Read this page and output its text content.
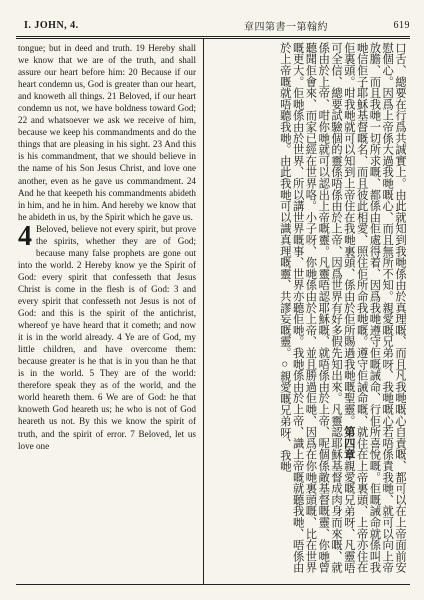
I. JOHN, 4.	章四第書一第翰約	619

tongue; but in deed and truth. 19 Hereby shall we know that we are of the truth, and shall assure our heart before him: 20 Because if our heart condemn us, God is greater than our heart, and knoweth all things. 21 Beloved, if our heart condemn us not, we have boldness toward God; 22 and whatsoever we ask we receive of him, because we keep his commandments and do the things that are pleasing in his sight. 23 And this is his commandment, that we should believe in the name of his Son Jesus Christ, and love one another, even as he gave us commandment. 24 And he that keepeth his commandments abideth in him, and he in him. And hereby we know that he abideth in us, by the Spirit which he gave us.

4 Beloved, believe not every spirit, but prove the spirits, whether they are of God; because many false prophets are gone out into the world. 2 Hereby know ye the Spirit of God: every spirit that confesseth that Jesus Christ is come in the flesh is of God: 3 and every spirit that confesseth not Jesus is not of God: and this is the spirit of the antichrist, whereof ye have heard that it cometh; and now it is in the world already. 4 Ye are of God, my little children, and have overcome them: because greater is he that is in you than he that is in the world. 5 They are of the world: therefore speak they as of the world, and the world heareth them. 6 We are of God: he that knoweth God heareth us; he who is not of God heareth us not. By this we know the spirit of truth, and the spirit of error. 7 Beloved, let us love one	口舌、總要在行爲共誠實上。由此就知到我哋係由於真理嘅、而且凡我哋嘅心自責嘅、都可以在上帝面前安慰個心。因爲上帝係大過我哋嘅心、而且無所不知。親愛嘅兄弟呀、我哋嘅心若唔係責我哋、就可以向上帝放膽、而且我哋一切所求嘅、都係由佢處得着、因爲我哋遵守佢嘅誡命、行佢所喜悅嘅。佢嘅誡命就係叫我哋信佢子耶穌基督嘅名、而且彼此相愛、照住佢所命我哋嘅。遵守佢誡命嘅、就住在上帝裏頭、上帝亦住在佢裏頭。咁我哋就可以知到上帝住在我哋裏頭、係由於佢所賜過我哋嘅聖靈。第四章親愛嘅兄弟呀、凡靈唔可全信、總要試驗個的靈係唔係由於上帝、因爲世界有好多假先知出來。凡靈認耶穌基督成肉身而來嘅、就係由於上帝、咁你哋就可以認出上帝嘅靈。凡靈唔認耶穌嘅、就唔係由於上帝、呢個係敵基督嘅靈、你哋曾聽聞佢會來、而家已經在世界咯。小子呀、你哋係由於上帝、並且勝過佢哋、因爲在你哋裏頭嘅、比在世界嘅更大。佢哋係由於世界、所以講世界嘅事、世界亦聽佢哋。我哋係由於上帝、識上帝嘅就聽我哋、唔係由於上帝嘅就唔聽我哋。由此我哋可以識真理嘅靈、共謬妄嘅靈。○親愛嘅兄弟呀、我哋
